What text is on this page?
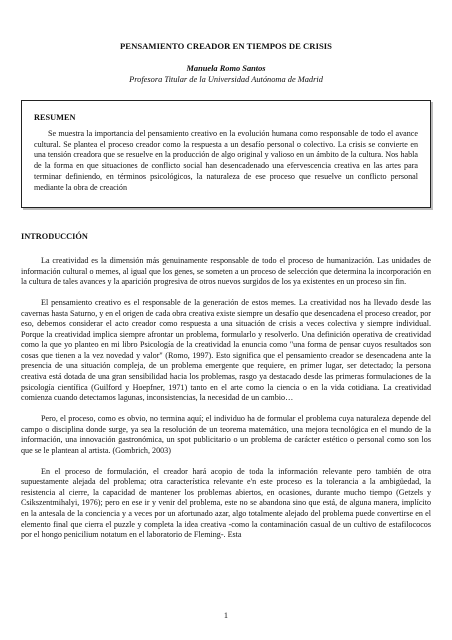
PENSAMIENTO CREADOR EN TIEMPOS DE CRISIS
Manuela Romo Santos
Profesora Titular de la Universidad Autónoma de Madrid
RESUMEN
Se muestra la importancia del pensamiento creativo en la evolución humana como responsable de todo el avance cultural. Se plantea el proceso creador como la respuesta a un desafío personal o colectivo. La crisis se convierte en una tensión creadora que se resuelve en la producción de algo original y valioso en un ámbito de la cultura. Nos habla de la forma en que situaciones de conflicto social han desencadenado una efervescencia creativa en las artes para terminar definiendo, en términos psicológicos, la naturaleza de ese proceso que resuelve un conflicto personal mediante la obra de creación
INTRODUCCIÓN

La creatividad es la dimensión más genuinamente responsable de todo el proceso de humanización. Las unidades de información cultural o memes, al igual que los genes, se someten a un proceso de selección que determina la incorporación en la cultura de tales avances y la aparición progresiva de otros nuevos surgidos de los ya existentes en un proceso sin fin.

El pensamiento creativo es el responsable de la generación de estos memes. La creatividad nos ha llevado desde las cavernas hasta Saturno, y en el origen de cada obra creativa existe siempre un desafío que desencadena el proceso creador, por eso, debemos considerar el acto creador como respuesta a una situación de crisis a veces colectiva y siempre individual. Porque la creatividad implica siempre afrontar un problema, formularlo y resolverlo. Una definición operativa de creatividad como la que yo planteo en mi libro Psicología de la creatividad la enuncia como "una forma de pensar cuyos resultados son cosas que tienen a la vez novedad y valor" (Romo, 1997). Esto significa que el pensamiento creador se desencadena ante la presencia de una situación compleja, de un problema emergente que requiere, en primer lugar, ser detectado; la persona creativa está dotada de una gran sensibilidad hacia los problemas, rasgo ya destacado desde las primeras formulaciones de la psicología científica (Guilford y Hoepfner, 1971) tanto en el arte como la ciencia o en la vida cotidiana. La creatividad comienza cuando detectamos lagunas, inconsistencias, la necesidad de un cambio…

Pero, el proceso, como es obvio, no termina aquí; el individuo ha de formular el problema cuya naturaleza depende del campo o disciplina donde surge, ya sea la resolución de un teorema matemático, una mejora tecnológica en el mundo de la información, una innovación gastronómica, un spot publicitario o un problema de carácter estético o personal como son los que se le plantean al artista. (Gombrich, 2003)

En el proceso de formulación, el creador hará acopio de toda la información relevante pero también de otra supuestamente alejada del problema; otra característica relevante e'n este proceso es la tolerancia a la ambigüedad, la resistencia al cierre, la capacidad de mantener los problemas abiertos, en ocasiones, durante mucho tiempo (Getzels y Csikszentmihalyi, 1976); pero en ese ir y venir del problema, este no se abandona sino que está, de alguna manera, implícito en la antesala de la conciencia y a veces por un afortunado azar, algo totalmente alejado del problema puede convertirse en el elemento final que cierra el puzzle y completa la idea creativa -como la contaminación casual de un cultivo de estafilococos por el hongo penicilium notatum en el laboratorio de Fleming-. Esta

1
